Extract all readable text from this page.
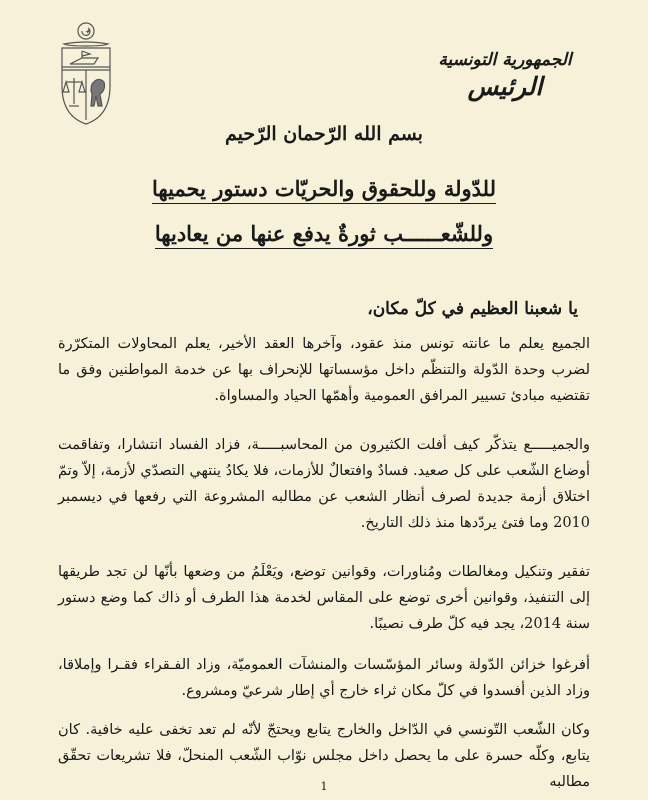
الجمهورية التونسية
الرئيس
بسم الله الرّحمان الرّحيم
للدّولة وللحقوق والحريّات دستور يحميها
وللشّعــــــب ثورةٌ يدفع عنها من يعاديها
يا شعبنا العظيم في كلّ مكان،
الجميع يعلم ما عانته تونس منذ عقود، وآخرها العقد الأخير، يعلم المحاولات المتكرّرة لضرب وحدة الدّولة والتنظّم داخل مؤسساتها للإنحراف بها عن خدمة المواطنين وفق ما تقتضيه مبادئ تسيير المرافق العمومية وأهمّها الحياد والمساواة.
والجميـــــع يتذكّر كيف أفلت الكثيرون من المحاسبـــــة، فزاد الفساد انتشارا، وتفاقمت أوضاع الشّعب على كل صعيد. فسادٌ وافتعالٌ للأزمات، فلا يكادُ ينتهي التصدّي لأزمة، إلاّ وتمّ اختلاق أزمة جديدة لصرف أنظار الشعب عن مطالبه المشروعة التي رفعها في ديسمبر 2010 وما فتئ يردّدها منذ ذلك التاريخ.
تفقير وتنكيل ومغالطات ومُناورات، وقوانين توضع، ويَعْلَمُ من وضعها بأنّها لن تجد طريقها إلى التنفيذ، وقوانين أخرى توضع على المقاس لخدمة هذا الطرف أو ذاك كما وضع دستور سنة 2014، يجد فيه كلّ طرف نصيبًا.
أفرغوا خزائن الدّولة وسائر المؤسّسات والمنشآت العموميّة، وزاد الفـقراء فقـرا وإملاقا، وزاد الذين أفسدوا في كلّ مكان ثراء خارج أي إطار شرعيّ ومشروع.
وكان الشّعب التّونسي في الدّاخل والخارج يتابع ويحتجّ لأنّه لم تعد تخفى عليه خافية. كان يتابع، وكلّه حسرة على ما يحصل داخل مجلس نوّاب الشّعب المنحلّ، فلا تشريعات تحقّق مطالبه
1
